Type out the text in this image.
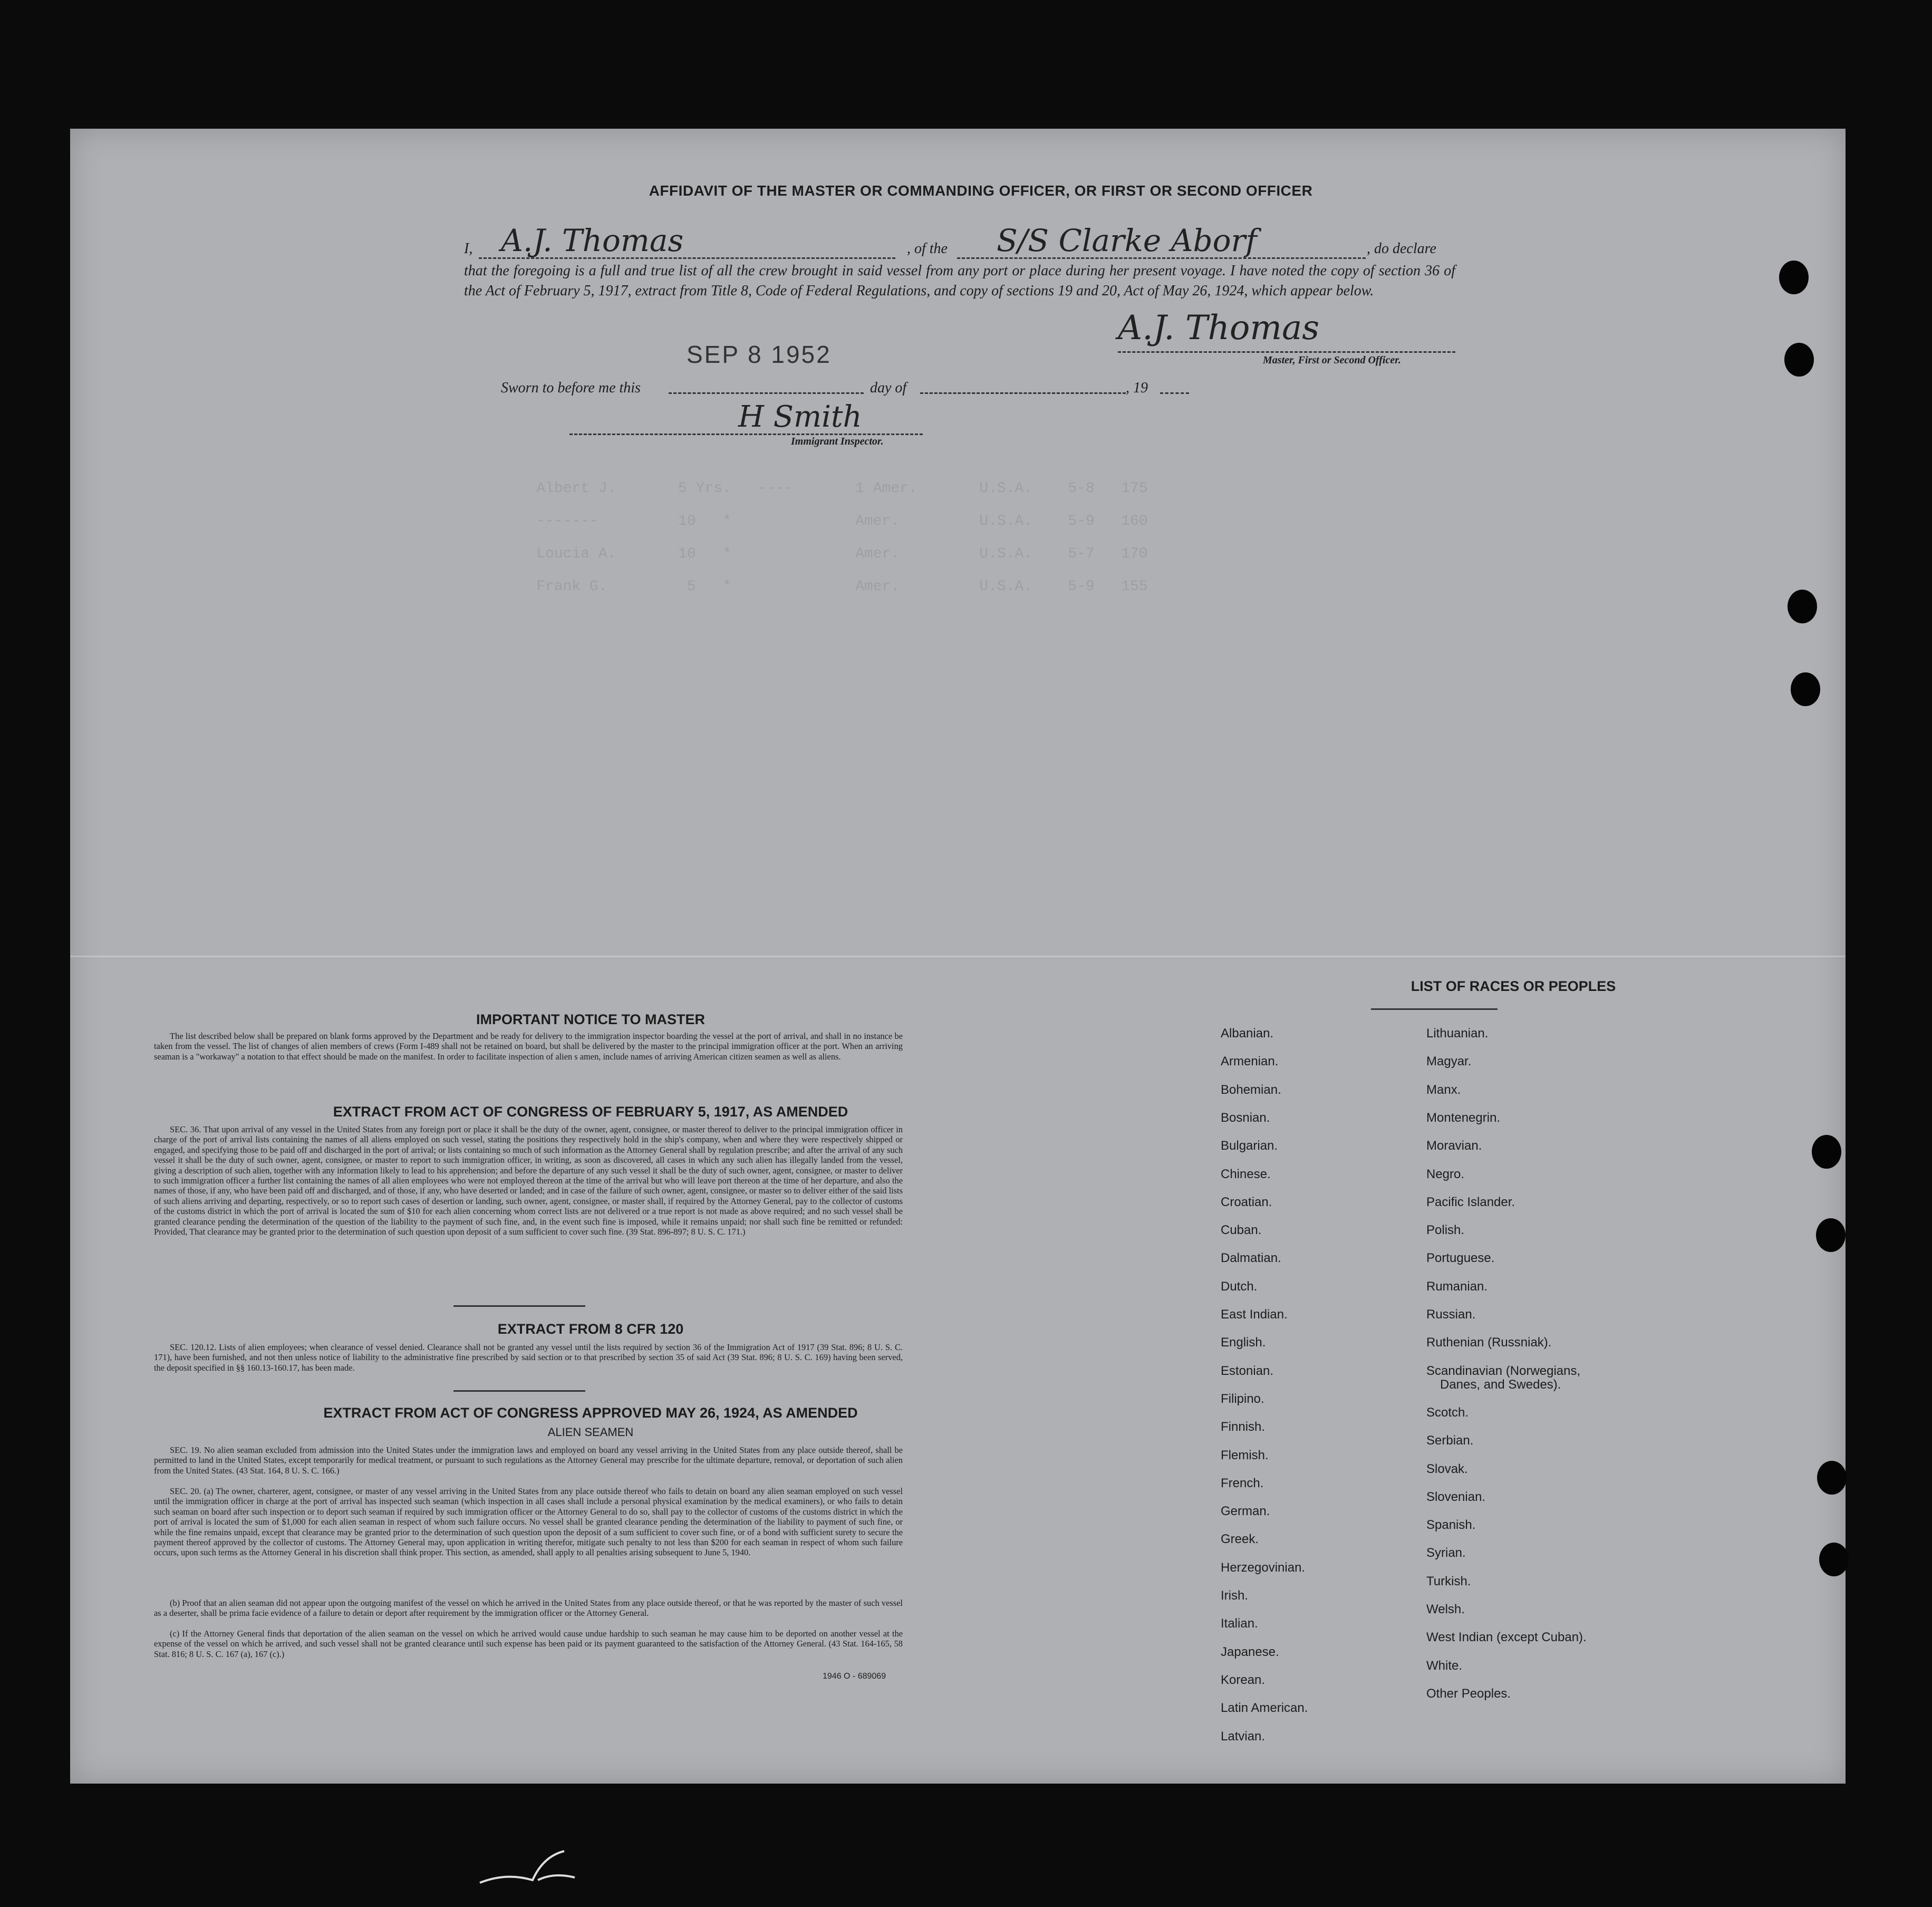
Albert J.       5 Yrs.   ----       1 Amer.       U.S.A.    5-8   175

-------         10   *              Amer.         U.S.A.    5-9   160

Loucia A.       10   *              Amer.         U.S.A.    5-7   170

Frank G.         5   *              Amer.         U.S.A.    5-9   155

AFFIDAVIT OF THE MASTER OR COMMANDING OFFICER, OR FIRST OR SECOND OFFICER
I, A.J. Thomas	, of the S/S Clarke Aborf	, do declare
that the foregoing is a full and true list of all the crew brought in said vessel from any port or place during her present voyage. I have noted the copy of section 36 of the Act of February 5, 1917, extract from Title 8, Code of Federal Regulations, and copy of sections 19 and 20, Act of May 26, 1924, which appear below.
SEP 8 1952
A.J. Thomas
Master, First or Second Officer.
Sworn to before me this	day of	, 19
H Smith
Immigrant Inspector.
IMPORTANT NOTICE TO MASTER
The list described below shall be prepared on blank forms approved by the Department and be ready for delivery to the immigration inspector boarding the vessel at the port of arrival, and shall in no instance be taken from the vessel. The list of changes of alien members of crews (Form I-489 shall not be retained on board, but shall be delivered by the master to the principal immigration officer at the port. When an arriving seaman is a "workaway" a notation to that effect should be made on the manifest. In order to facilitate inspection of alien s amen, include names of arriving American citizen seamen as well as aliens.
EXTRACT FROM ACT OF CONGRESS OF FEBRUARY 5, 1917, AS AMENDED
SEC. 36. That upon arrival of any vessel in the United States from any foreign port or place it shall be the duty of the owner, agent, consignee, or master thereof to deliver to the principal immigration officer in charge of the port of arrival lists containing the names of all aliens employed on such vessel, stating the positions they respectively hold in the ship's company, when and where they were respectively shipped or engaged, and specifying those to be paid off and discharged in the port of arrival; or lists containing so much of such information as the Attorney General shall by regulation prescribe; and after the arrival of any such vessel it shall be the duty of such owner, agent, consignee, or master to report to such immigration officer, in writing, as soon as discovered, all cases in which any such alien has illegally landed from the vessel, giving a description of such alien, together with any information likely to lead to his apprehension; and before the departure of any such vessel it shall be the duty of such owner, agent, consignee, or master to deliver to such immigration officer a further list containing the names of all alien employees who were not employed thereon at the time of the arrival but who will leave port thereon at the time of her departure, and also the names of those, if any, who have been paid off and discharged, and of those, if any, who have deserted or landed; and in case of the failure of such owner, agent, consignee, or master so to deliver either of the said lists of such aliens arriving and departing, respectively, or so to report such cases of desertion or landing, such owner, agent, consignee, or master shall, if required by the Attorney General, pay to the collector of customs of the customs district in which the port of arrival is located the sum of $10 for each alien concerning whom correct lists are not delivered or a true report is not made as above required; and no such vessel shall be granted clearance pending the determination of the question of the liability to the payment of such fine, and, in the event such fine is imposed, while it remains unpaid; nor shall such fine be remitted or refunded: Provided, That clearance may be granted prior to the determination of such question upon deposit of a sum sufficient to cover such fine. (39 Stat. 896-897; 8 U. S. C. 171.)
EXTRACT FROM 8 CFR 120
SEC. 120.12. Lists of alien employees; when clearance of vessel denied. Clearance shall not be granted any vessel until the lists required by section 36 of the Immigration Act of 1917 (39 Stat. 896; 8 U. S. C. 171), have been furnished, and not then unless notice of liability to the administrative fine prescribed by said section or to that prescribed by section 35 of said Act (39 Stat. 896; 8 U. S. C. 169) having been served, the deposit specified in §§ 160.13-160.17, has been made.
EXTRACT FROM ACT OF CONGRESS APPROVED MAY 26, 1924, AS AMENDED
ALIEN SEAMEN
SEC. 19. No alien seaman excluded from admission into the United States under the immigration laws and employed on board any vessel arriving in the United States from any place outside thereof, shall be permitted to land in the United States, except temporarily for medical treatment, or pursuant to such regulations as the Attorney General may prescribe for the ultimate departure, removal, or deportation of such alien from the United States. (43 Stat. 164, 8 U. S. C. 166.)
SEC. 20. (a) The owner, charterer, agent, consignee, or master of any vessel arriving in the United States from any place outside thereof who fails to detain on board any alien seaman employed on such vessel until the immigration officer in charge at the port of arrival has inspected such seaman (which inspection in all cases shall include a personal physical examination by the medical examiners), or who fails to detain such seaman on board after such inspection or to deport such seaman if required by such immigration officer or the Attorney General to do so, shall pay to the collector of customs of the customs district in which the port of arrival is located the sum of $1,000 for each alien seaman in respect of whom such failure occurs. No vessel shall be granted clearance pending the determination of the liability to payment of such fine, or while the fine remains unpaid, except that clearance may be granted prior to the determination of such question upon the deposit of a sum sufficient to cover such fine, or of a bond with sufficient surety to secure the payment thereof approved by the collector of customs. The Attorney General may, upon application in writing therefor, mitigate such penalty to not less than $200 for each seaman in respect of whom such failure occurs, upon such terms as the Attorney General in his discretion shall think proper. This section, as amended, shall apply to all penalties arising subsequent to June 5, 1940.
(b) Proof that an alien seaman did not appear upon the outgoing manifest of the vessel on which he arrived in the United States from any place outside thereof, or that he was reported by the master of such vessel as a deserter, shall be prima facie evidence of a failure to detain or deport after requirement by the immigration officer or the Attorney General.
(c) If the Attorney General finds that deportation of the alien seaman on the vessel on which he arrived would cause undue hardship to such seaman he may cause him to be deported on another vessel at the expense of the vessel on which he arrived, and such vessel shall not be granted clearance until such expense has been paid or its payment guaranteed to the satisfaction of the Attorney General. (43 Stat. 164-165, 58 Stat. 816; 8 U. S. C. 167 (a), 167 (c).)
1946 O - 689069
LIST OF RACES OR PEOPLES
Albanian.
Armenian.
Bohemian.
Bosnian.
Bulgarian.
Chinese.
Croatian.
Cuban.
Dalmatian.
Dutch.
East Indian.
English.
Estonian.
Filipino.
Finnish.
Flemish.
French.
German.
Greek.
Herzegovinian.
Irish.
Italian.
Japanese.
Korean.
Latin American.
Latvian.
Lithuanian.
Magyar.
Manx.
Montenegrin.
Moravian.
Negro.
Pacific Islander.
Polish.
Portuguese.
Rumanian.
Russian.
Ruthenian (Russniak).
Scandinavian (Norwegians,
Danes, and Swedes).
Scotch.
Serbian.
Slovak.
Slovenian.
Spanish.
Syrian.
Turkish.
Welsh.
West Indian (except Cuban).
White.
Other Peoples.
